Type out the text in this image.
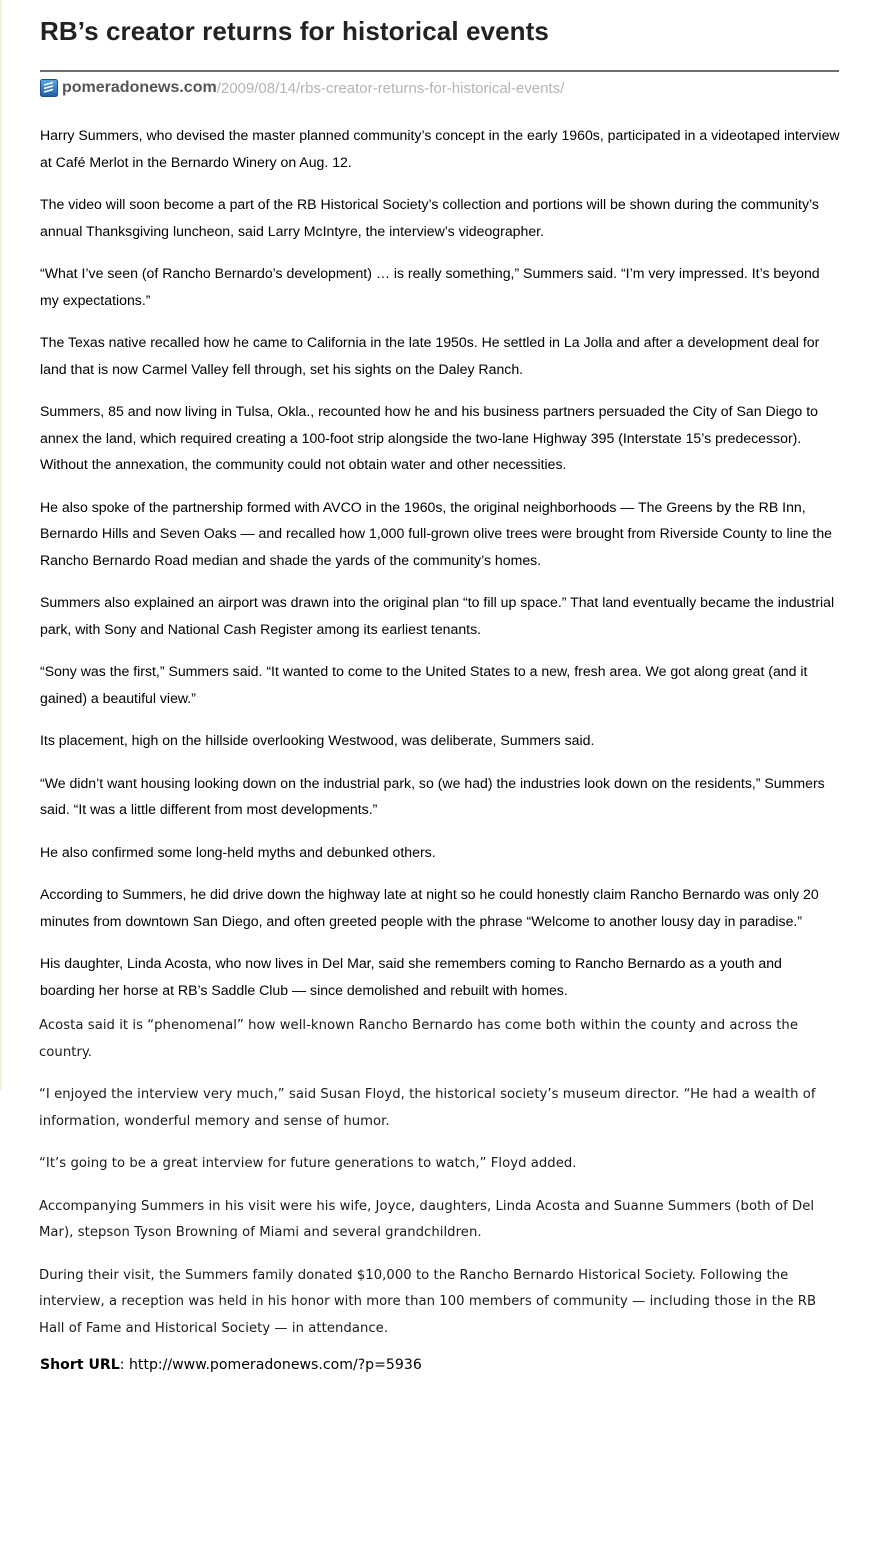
RB’s creator returns for historical events
pomeradonews.com /2009/08/14/rbs-creator-returns-for-historical-events/

Harry Summers, who devised the master planned community’s concept in the early 1960s, participated in a videotaped interview at Café Merlot in the Bernardo Winery on Aug. 12.

The video will soon become a part of the RB Historical Society’s collection and portions will be shown during the community’s annual Thanksgiving luncheon, said Larry McIntyre, the interview’s videographer.

“What I’ve seen (of Rancho Bernardo’s development) … is really something,” Summers said. “I’m very impressed. It’s beyond my expectations.”

The Texas native recalled how he came to California in the late 1950s. He settled in La Jolla and after a development deal for land that is now Carmel Valley fell through, set his sights on the Daley Ranch.

Summers, 85 and now living in Tulsa, Okla., recounted how he and his business partners persuaded the City of San Diego to annex the land, which required creating a 100-foot strip alongside the two-lane Highway 395 (Interstate 15’s predecessor). Without the annexation, the community could not obtain water and other necessities.

He also spoke of the partnership formed with AVCO in the 1960s, the original neighborhoods — The Greens by the RB Inn, Bernardo Hills and Seven Oaks — and recalled how 1,000 full-grown olive trees were brought from Riverside County to line the Rancho Bernardo Road median and shade the yards of the community’s homes.

Summers also explained an airport was drawn into the original plan “to fill up space.” That land eventually became the industrial park, with Sony and National Cash Register among its earliest tenants.

“Sony was the first,” Summers said. “It wanted to come to the United States to a new, fresh area. We got along great (and it gained) a beautiful view.”

Its placement, high on the hillside overlooking Westwood, was deliberate, Summers said.

“We didn’t want housing looking down on the industrial park, so (we had) the industries look down on the residents,” Summers said. “It was a little different from most developments.”

He also confirmed some long-held myths and debunked others.

According to Summers, he did drive down the highway late at night so he could honestly claim Rancho Bernardo was only 20 minutes from downtown San Diego, and often greeted people with the phrase “Welcome to another lousy day in paradise.”

His daughter, Linda Acosta, who now lives in Del Mar, said she remembers coming to Rancho Bernardo as a youth and boarding her horse at RB’s Saddle Club — since demolished and rebuilt with homes.

Acosta said it is “phenomenal” how well-known Rancho Bernardo has come both within the county and across the country.

“I enjoyed the interview very much,” said Susan Floyd, the historical society’s museum director. “He had a wealth of information, wonderful memory and sense of humor.

“It’s going to be a great interview for future generations to watch,” Floyd added.

Accompanying Summers in his visit were his wife, Joyce, daughters, Linda Acosta and Suanne Summers (both of Del Mar), stepson Tyson Browning of Miami and several grandchildren.

During their visit, the Summers family donated $10,000 to the Rancho Bernardo Historical Society. Following the interview, a reception was held in his honor with more than 100 members of community — including those in the RB Hall of Fame and Historical Society — in attendance.

Short URL: http://www.pomeradonews.com/?p=5936
